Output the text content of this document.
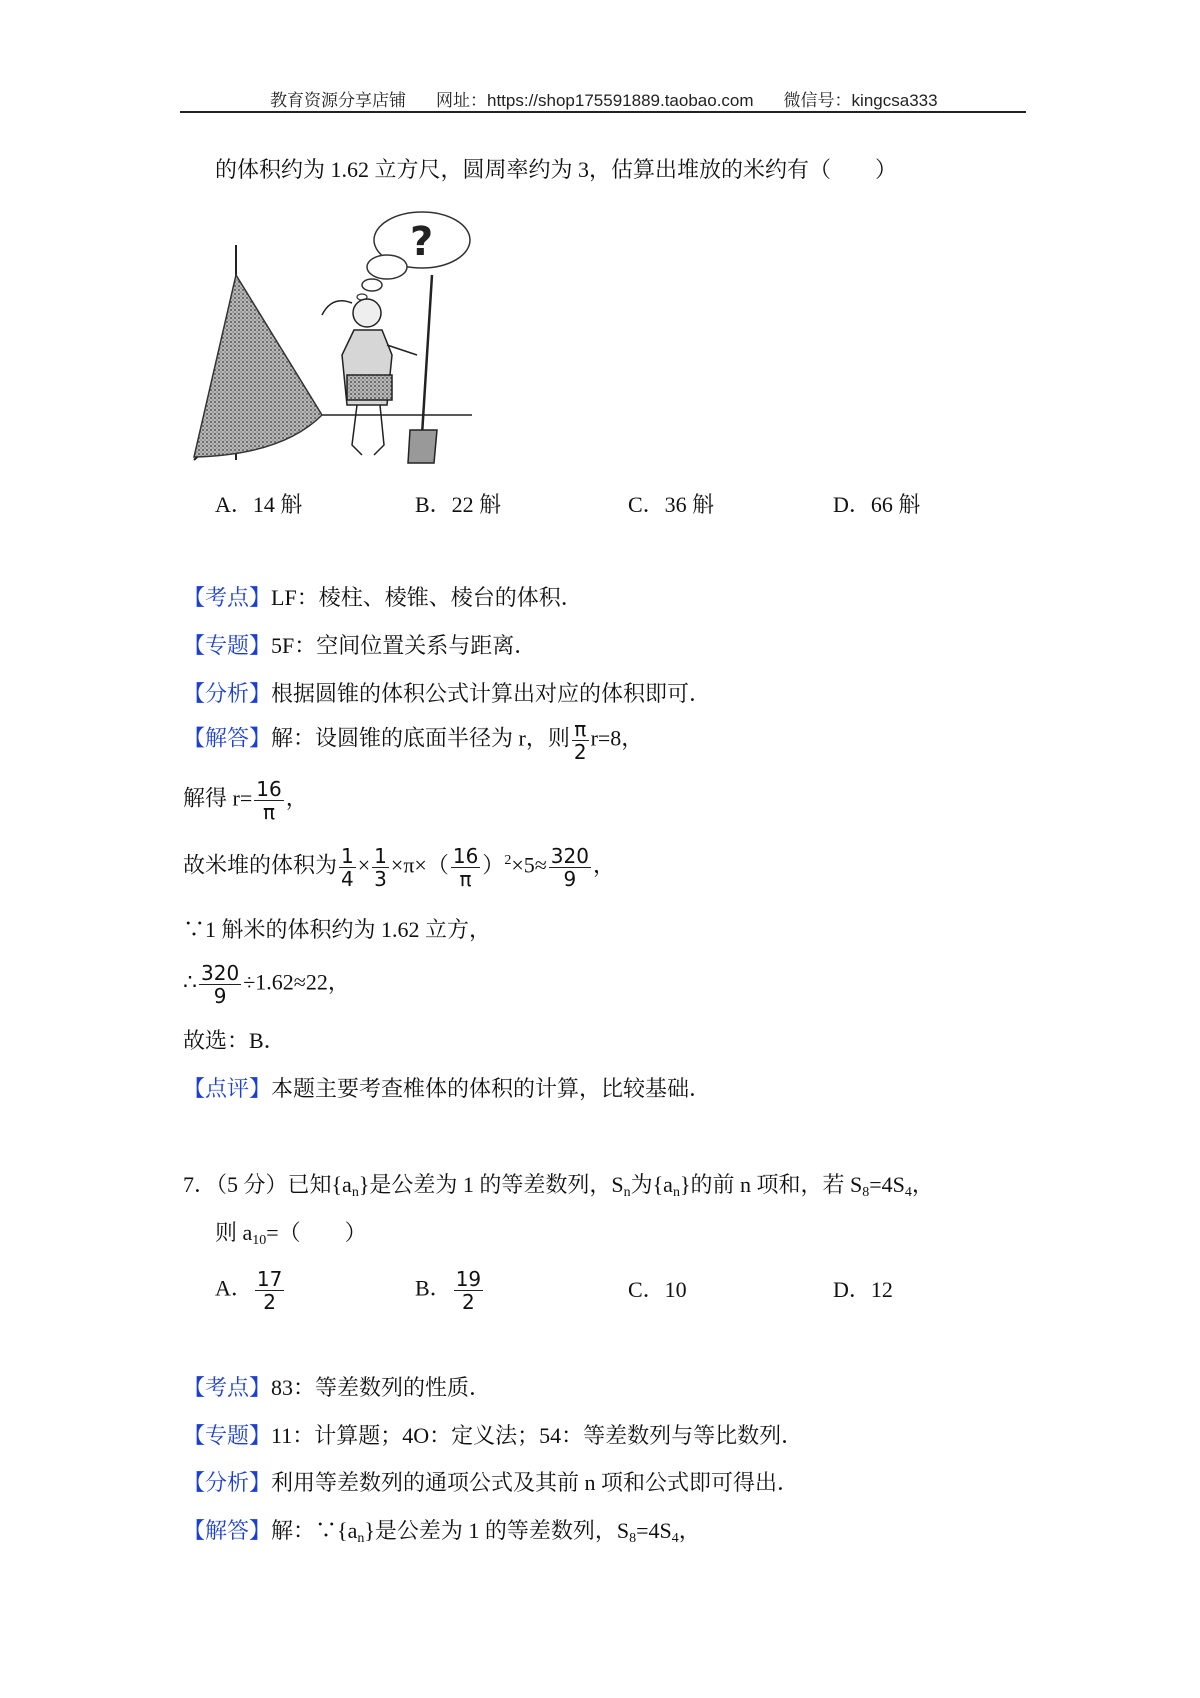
教育资源分享店铺 网址：https://shop175591889.taobao.com 微信号：kingcsa333
的体积约为 1.62 立方尺，圆周率约为 3，估算出堆放的米约有（　　）
?
A．14 斛	B．22 斛	C．36 斛	D．66 斛
【考点】LF：棱柱、棱锥、棱台的体积．
【专题】5F：空间位置关系与距离．
【分析】根据圆锥的体积公式计算出对应的体积即可．
【解答】解：设圆锥的底面半径为 r，则 $\frac{\pi}{2} r=8$，
解得 $r= \frac{16}{\pi}$ ，
故米堆的体积为 $\frac{1}{4} \times \frac{1}{3} \times\pi\times( \frac{16}{\pi} )^2\times 5\approx \frac{320}{9}$ ，
∵1 斛米的体积约为 1.62 立方，
∴ $\frac{320}{9} \div 1.62\approx 22$，
故选：B．
【点评】本题主要考查椎体的体积的计算，比较基础．
7．（5 分）已知$\{a_n\}$是公差为 1 的等差数列，$S_n$为$\{a_n\}$的前 n 项和，若 $S_8=4S_4$，
则 $a_{10}=$（　　）
A． $\frac{17}{2}$	B． $\frac{19}{2}$	C．10	D．12
【考点】83：等差数列的性质．
【专题】11：计算题；4O：定义法；54：等差数列与等比数列．
【分析】利用等差数列的通项公式及其前 n 项和公式即可得出．
【解答】解：$\because\{a_n\}$是公差为 1 的等差数列，$S_8=4S_4$，
